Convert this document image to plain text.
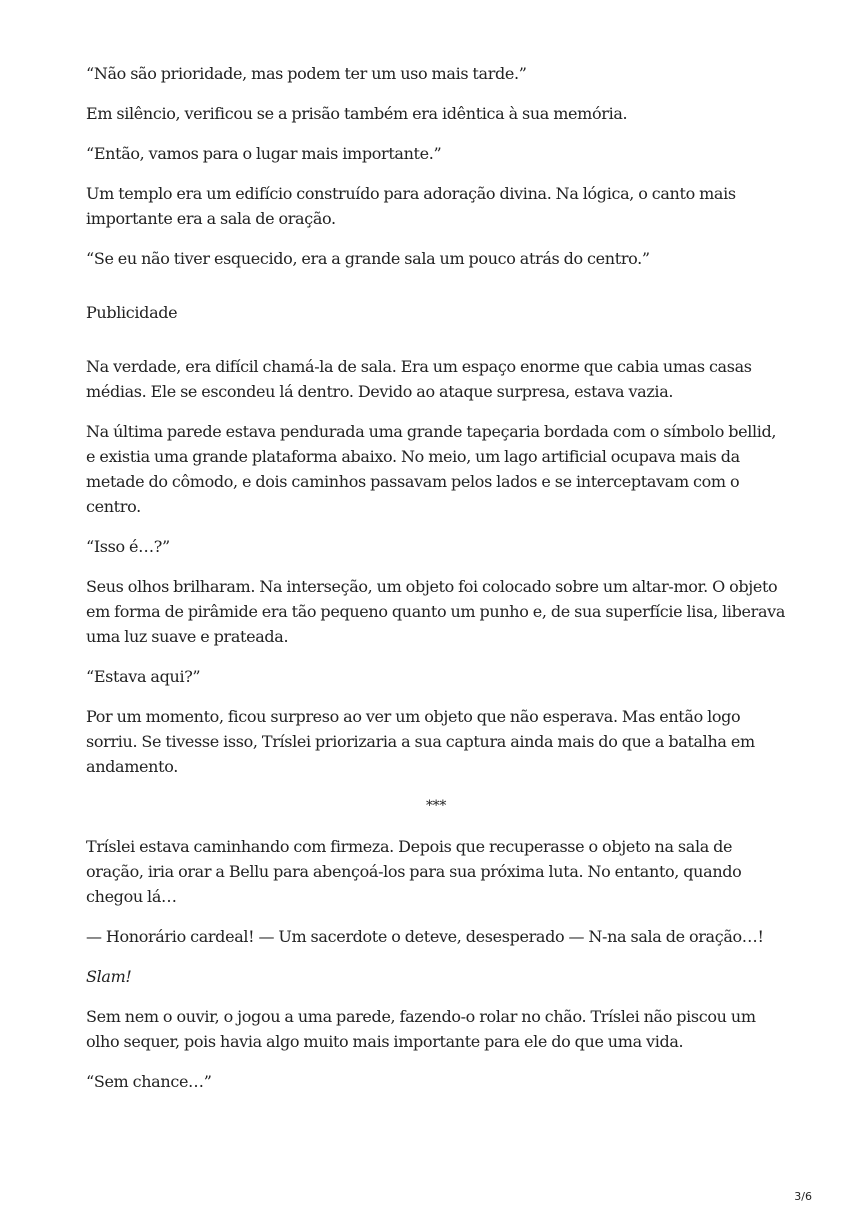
“Não são prioridade, mas podem ter um uso mais tarde.”

Em silêncio, verificou se a prisão também era idêntica à sua memória.

“Então, vamos para o lugar mais importante.”

Um templo era um edifício construído para adoração divina. Na lógica, o canto mais importante era a sala de oração.

“Se eu não tiver esquecido, era a grande sala um pouco atrás do centro.”

Publicidade

Na verdade, era difícil chamá-la de sala. Era um espaço enorme que cabia umas casas médias. Ele se escondeu lá dentro. Devido ao ataque surpresa, estava vazia.

Na última parede estava pendurada uma grande tapeçaria bordada com o símbolo bellid, e existia uma grande plataforma abaixo. No meio, um lago artificial ocupava mais da metade do cômodo, e dois caminhos passavam pelos lados e se interceptavam com o centro.

“Isso é…?”

Seus olhos brilharam. Na interseção, um objeto foi colocado sobre um altar-mor. O objeto em forma de pirâmide era tão pequeno quanto um punho e, de sua superfície lisa, liberava uma luz suave e prateada.

“Estava aqui?”

Por um momento, ficou surpreso ao ver um objeto que não esperava. Mas então logo sorriu. Se tivesse isso, Tríslei priorizaria a sua captura ainda mais do que a batalha em andamento.

***

Tríslei estava caminhando com firmeza. Depois que recuperasse o objeto na sala de oração, iria orar a Bellu para abençoá-los para sua próxima luta. No entanto, quando chegou lá…

— Honorário cardeal! — Um sacerdote o deteve, desesperado — N-na sala de oração…!

Slam!

Sem nem o ouvir, o jogou a uma parede, fazendo-o rolar no chão. Tríslei não piscou um olho sequer, pois havia algo muito mais importante para ele do que uma vida.

“Sem chance…”

3/6
